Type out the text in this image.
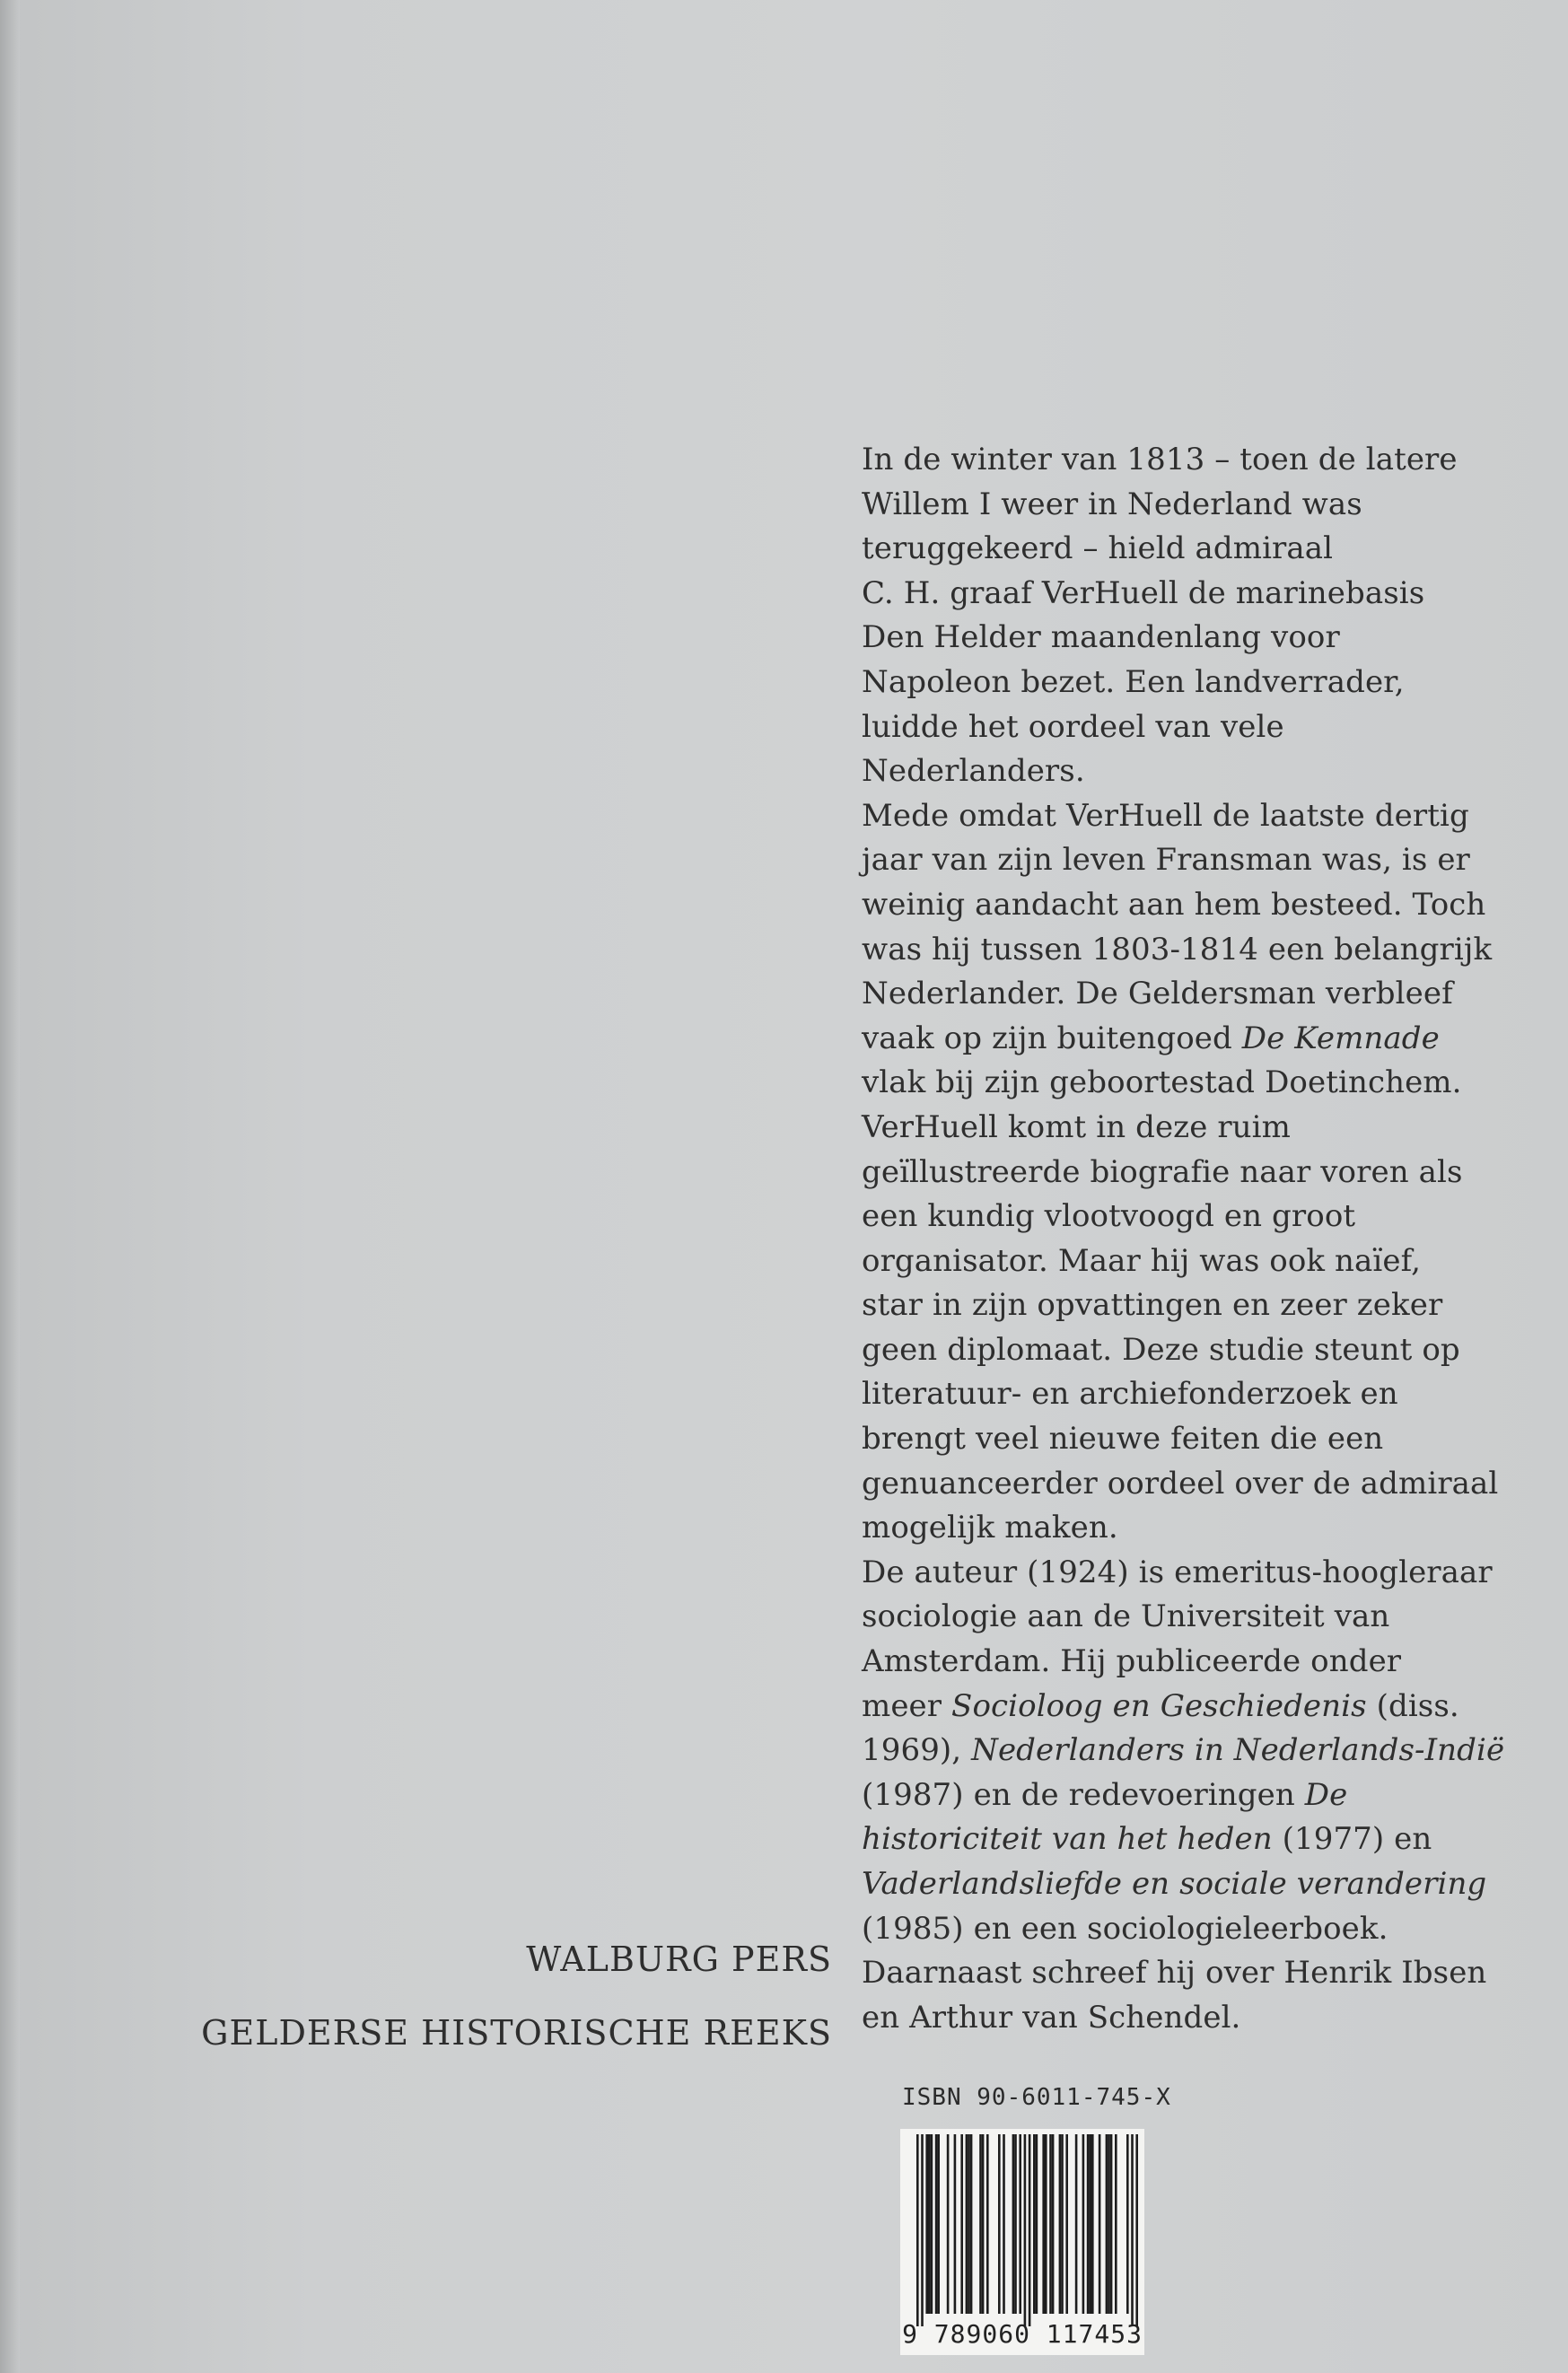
In de winter van 1813 – toen de latere
Willem I weer in Nederland was
teruggekeerd – hield admiraal
C. H. graaf VerHuell de marinebasis
Den Helder maandenlang voor
Napoleon bezet. Een landverrader,
luidde het oordeel van vele
Nederlanders.

Mede omdat VerHuell de laatste dertig
jaar van zijn leven Fransman was, is er
weinig aandacht aan hem besteed. Toch
was hij tussen 1803-1814 een belangrijk
Nederlander. De Geldersman verbleef
vaak op zijn buitengoed De Kemnade
vlak bij zijn geboortestad Doetinchem.
VerHuell komt in deze ruim
geïllustreerde biografie naar voren als
een kundig vlootvoogd en groot
organisator. Maar hij was ook naïef,
star in zijn opvattingen en zeer zeker
geen diplomaat. Deze studie steunt op
literatuur- en archiefonderzoek en
brengt veel nieuwe feiten die een
genuanceerder oordeel over de admiraal
mogelijk maken.

De auteur (1924) is emeritus-hoogleraar
sociologie aan de Universiteit van
Amsterdam. Hij publiceerde onder
meer Socioloog en Geschiedenis (diss.
1969), Nederlanders in Nederlands-Indië
(1987) en de redevoeringen De
historiciteit van het heden (1977) en
Vaderlandsliefde en sociale verandering
(1985) en een sociologieleerboek.
Daarnaast schreef hij over Henrik Ibsen
en Arthur van Schendel.

WALBURG PERS
GELDERSE HISTORISCHE REEKS
ISBN 90-6011-745-X
9 789060 117453
